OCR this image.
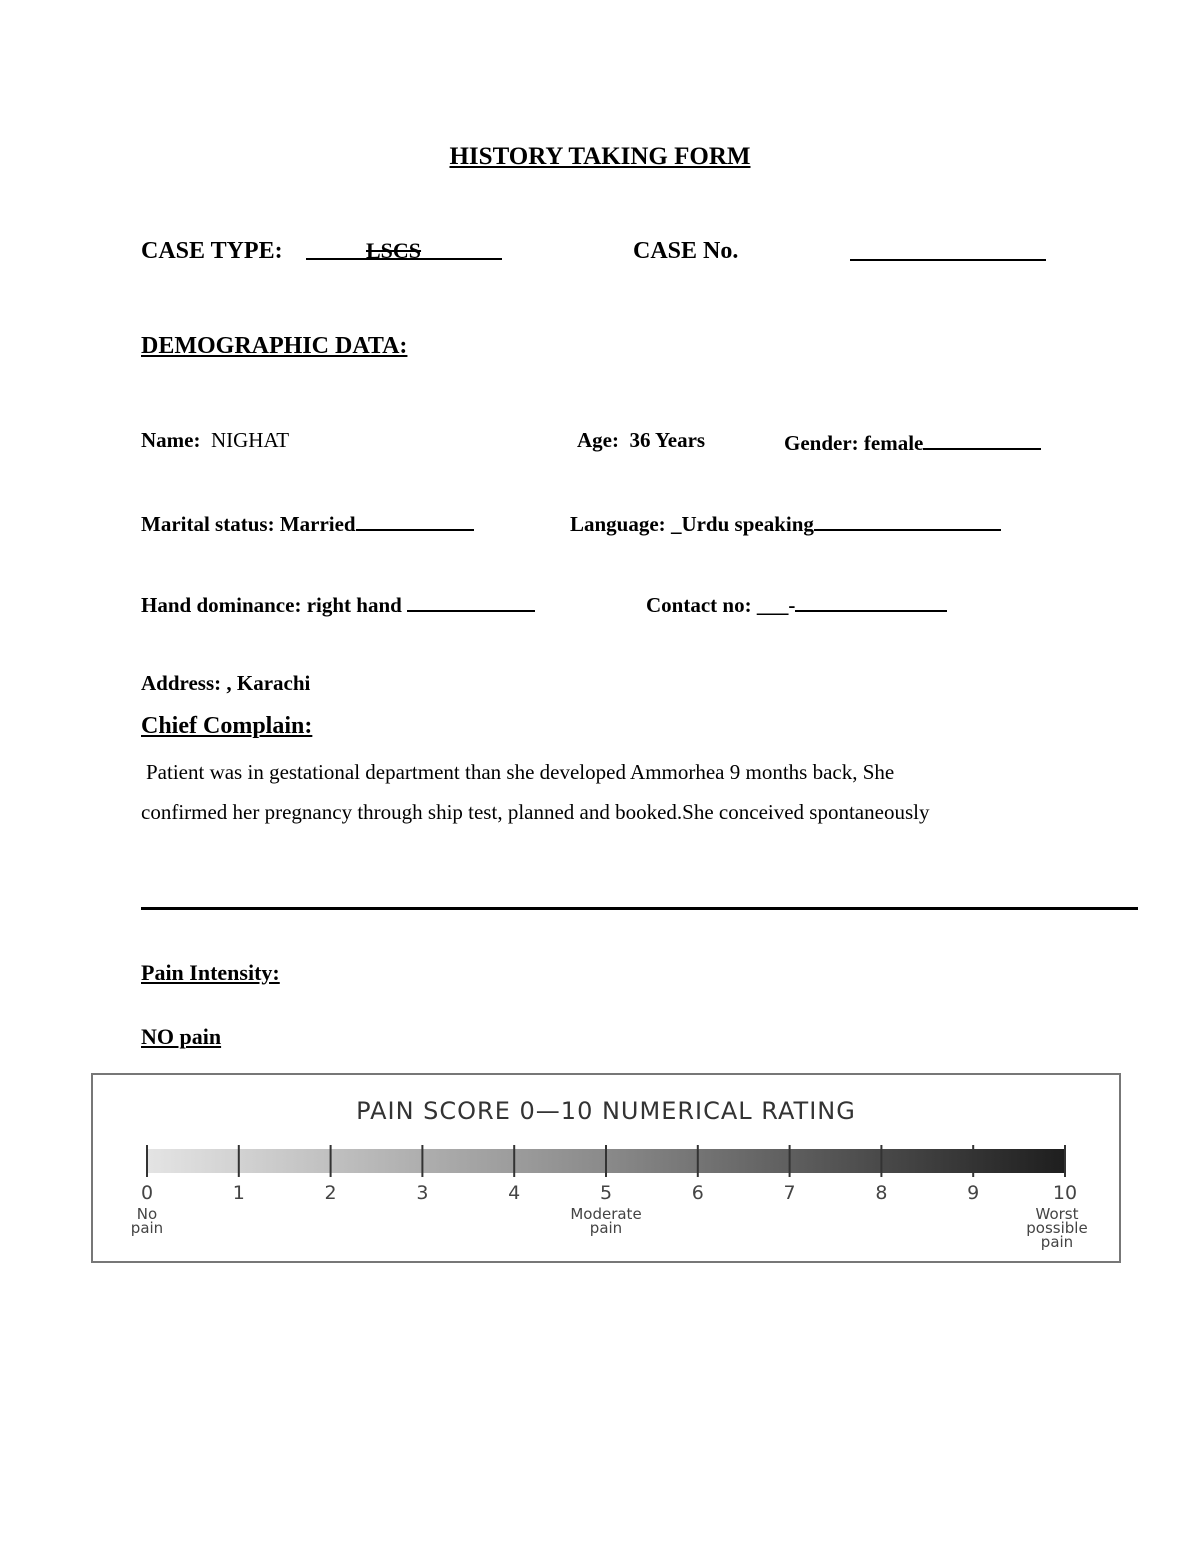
HISTORY TAKING FORM
CASE TYPE:	LSCS	CASE No.
DEMOGRAPHIC DATA:
Name: NIGHAT	Age: 36 Years	Gender: female
Marital status: Married	Language: _Urdu speaking
Hand dominance: right hand	Contact no: ___-
Address: , Karachi
Chief Complain:
Patient was in gestational department than she developed Ammorhea 9 months back, She
confirmed her pregnancy through ship test, planned and booked.She conceived spontaneously
Pain Intensity:
NO pain
PAIN SCORE 0—10 NUMERICAL RATING
0	1	2	3	4	5	6	7	8	9	10
No
pain
Moderate
pain
Worst
possible
pain
